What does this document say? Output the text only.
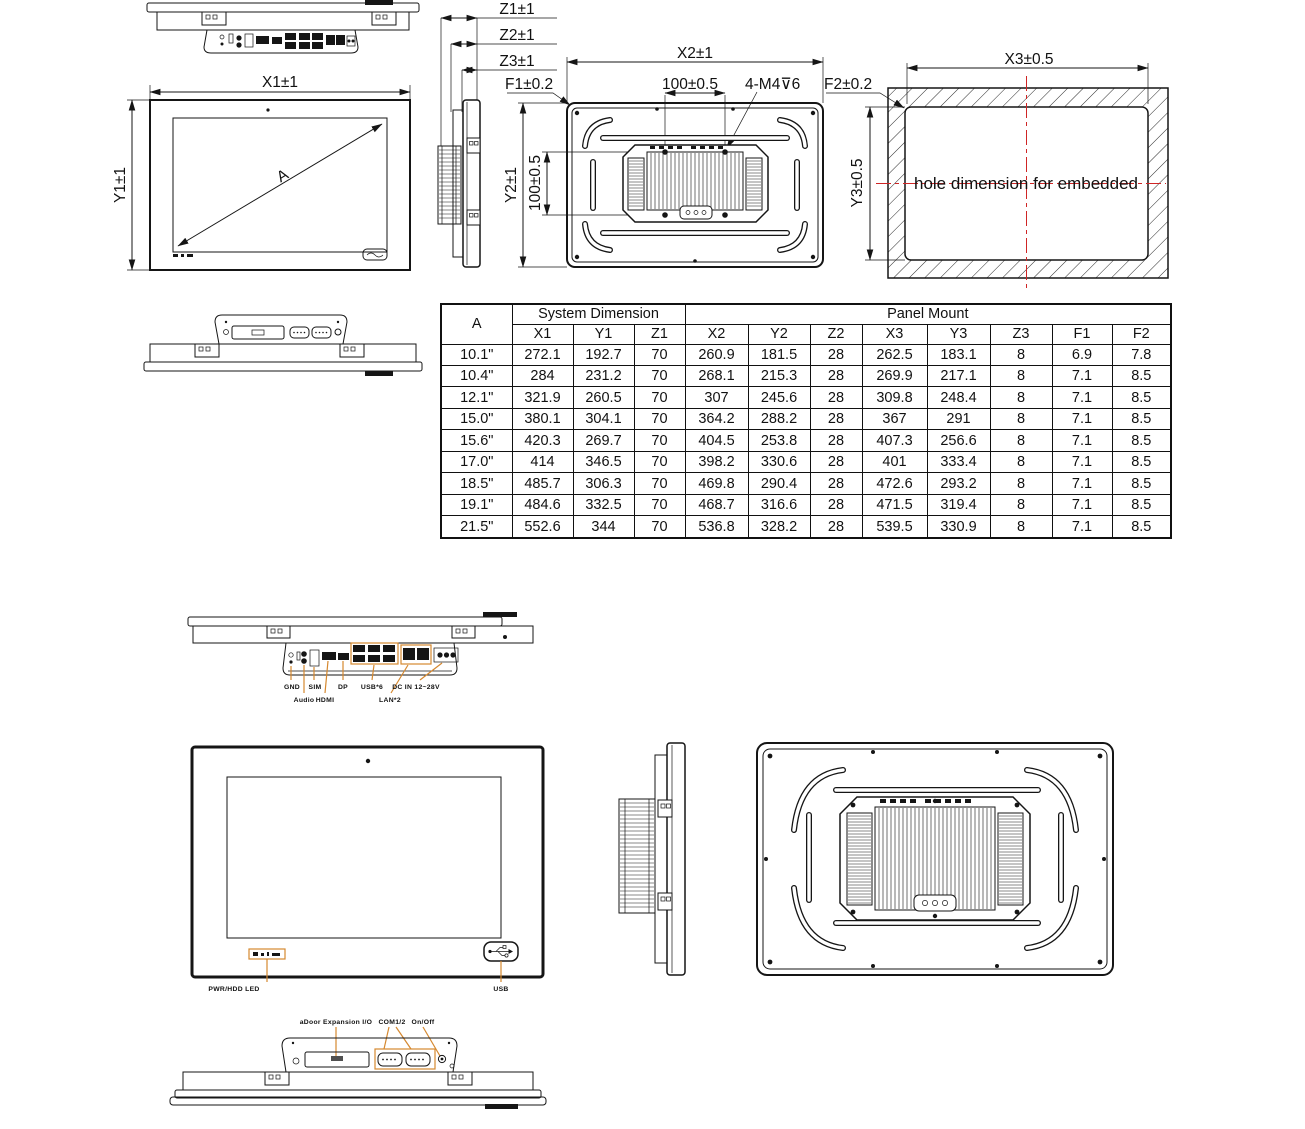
X1±1
Y1±1	A
Z1±1
Z2±1
Z3±1	X2±1
100±0.5 4-M4⊽6
F1±0.2
Y2±1 100±0.5	hole dimension for embedded
X3±0.5
Y3±0.5
F2±0.2
A	System Dimension			Panel Mount							
	X1	Y1	Z1	X2	Y2	Z2	X3	Y3	Z3	F1	F2
10.1"	272.1	192.7	70	260.9	181.5	28	262.5	183.1	8	6.9	7.8
10.4"	284	231.2	70	268.1	215.3	28	269.9	217.1	8	7.1	8.5
12.1"	321.9	260.5	70	307	245.6	28	309.8	248.4	8	7.1	8.5
15.0"	380.1	304.1	70	364.2	288.2	28	367	291	8	7.1	8.5
15.6"	420.3	269.7	70	404.5	253.8	28	407.3	256.6	8	7.1	8.5
17.0"	414	346.5	70	398.2	330.6	28	401	333.4	8	7.1	8.5
18.5"	485.7	306.3	70	469.8	290.4	28	472.6	293.2	8	7.1	8.5
19.1"	484.6	332.5	70	468.7	316.6	28	471.5	319.4	8	7.1	8.5
21.5"	552.6	344	70	536.8	328.2	28	539.5	330.9	8	7.1	8.5
GND SIM DP USB*6 DC IN 12~28V
Audio HDMI	LAN*2
PWR/HDD LED	USB
aDoor Expansion I/O COM1/2 On/Off
